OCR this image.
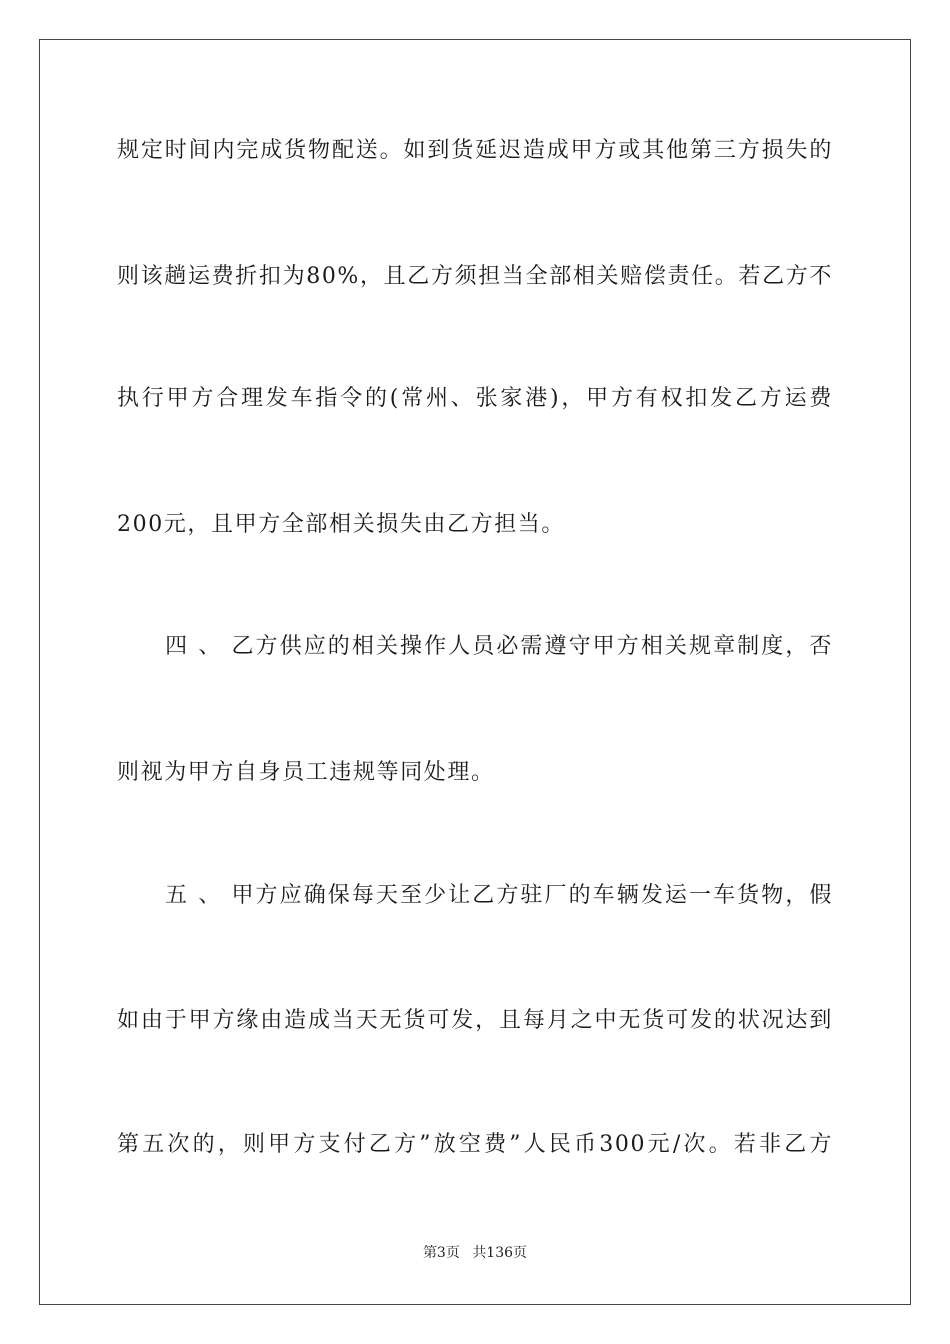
规定时间内完成货物配送。如到货延迟造成甲方或其他第三方损失的
则该趟运费折扣为80%，且乙方须担当全部相关赔偿责任。若乙方不
执行甲方合理发车指令的(常州、张家港)，甲方有权扣发乙方运费
200元，且甲方全部相关损失由乙方担当。
　　四 、 乙方供应的相关操作人员必需遵守甲方相关规章制度，否
则视为甲方自身员工违规等同处理。
　　五 、 甲方应确保每天至少让乙方驻厂的车辆发运一车货物，假
如由于甲方缘由造成当天无货可发，且每月之中无货可发的状况达到
第五次的，则甲方支付乙方”放空费”人民币300元/次。若非乙方
第3页 共136页
